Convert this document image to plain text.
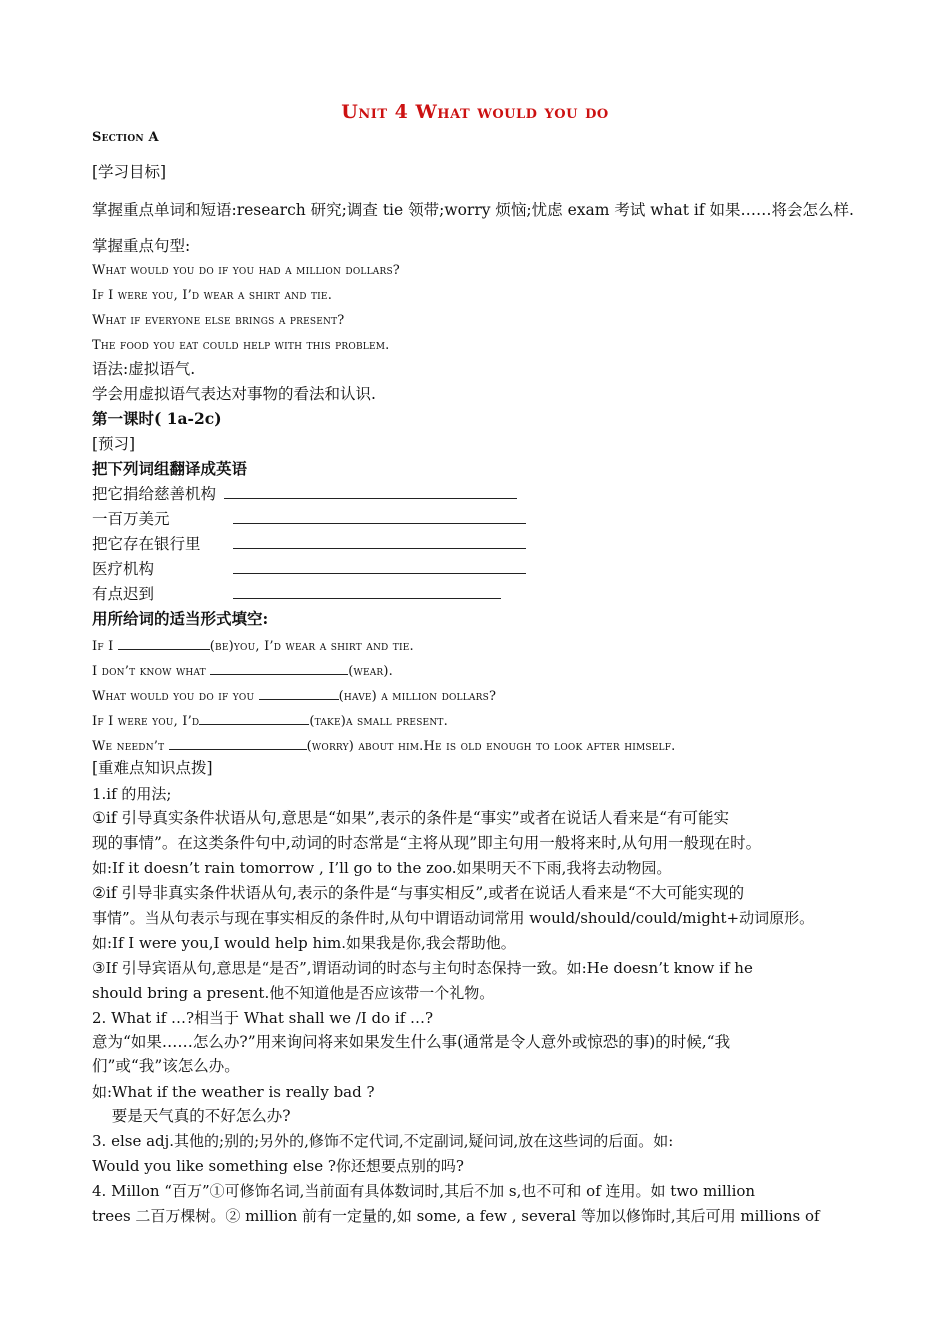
Unit 4 What would you do
Section A
[学习目标]
掌握重点单词和短语:research 研究;调查 tie 领带;worry 烦恼;忧虑 exam 考试 what if 如果……将会怎么样.
掌握重点句型:
What would you do if you had a million dollars?
If I were you, I’d wear a shirt and tie.
What if everyone else brings a present?
The food you eat could help with this problem.
语法:虚拟语气.
学会用虚拟语气表达对事物的看法和认识.
第一课时( 1a-2c)
[预习]
把下列词组翻译成英语
把它捐给慈善机构
一百万美元
把它存在银行里
医疗机构
有点迟到
用所给词的适当形式填空:
If I	(be)you, I’d wear a shirt and tie.
I don’t know what	(wear).
What would you do if you	(have) a million dollars?
If I were you, I’d	(take)a small present.
We needn’t	(worry) about him.He is old enough to look after himself.
[重难点知识点拨]
1.if 的用法;
①if 引导真实条件状语从句,意思是“如果”,表示的条件是“事实”或者在说话人看来是“有可能实
现的事情”。在这类条件句中,动词的时态常是“主将从现”即主句用一般将来时,从句用一般现在时。
如:If it doesn’t rain tomorrow , I’ll go to the zoo.如果明天不下雨,我将去动物园。
②if 引导非真实条件状语从句,表示的条件是“与事实相反”,或者在说话人看来是“不大可能实现的
事情”。当从句表示与现在事实相反的条件时,从句中谓语动词常用 would/should/could/might+动词原形。
如:If I were you,I would help him.如果我是你,我会帮助他。
③If 引导宾语从句,意思是“是否”,谓语动词的时态与主句时态保持一致。如:He doesn’t know if he
should bring a present.他不知道他是否应该带一个礼物。
2. What if …?相当于 What shall we /I do if …?
意为“如果……怎么办?”用来询问将来如果发生什么事(通常是令人意外或惊恐的事)的时候,“我
们”或“我”该怎么办。
如:What if the weather is really bad ?
要是天气真的不好怎么办?
3. else adj.其他的;别的;另外的,修饰不定代词,不定副词,疑问词,放在这些词的后面。如:
Would you like something else ?你还想要点别的吗?
4. Millon “百万”①可修饰名词,当前面有具体数词时,其后不加 s,也不可和 of 连用。如 two million
trees 二百万棵树。② million 前有一定量的,如 some, a few , several 等加以修饰时,其后可用 millions of
